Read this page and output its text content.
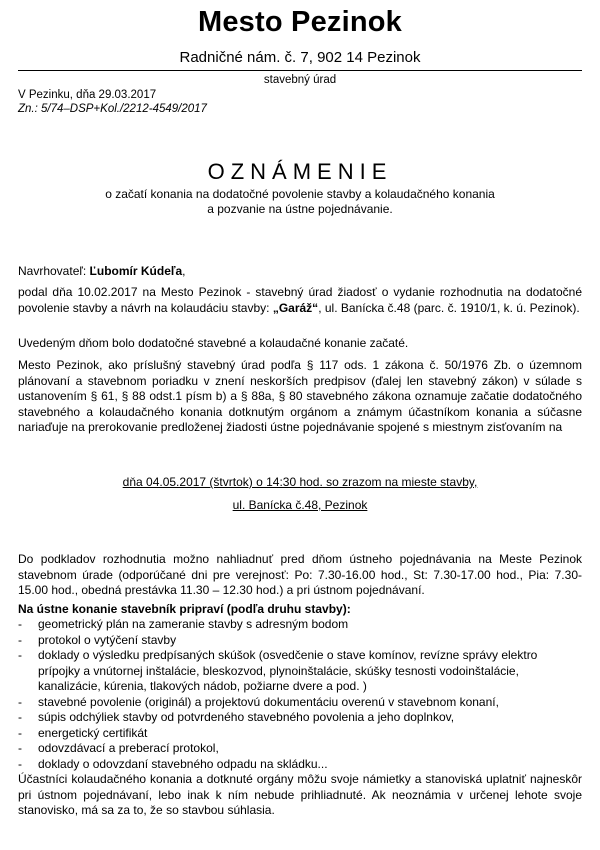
Mesto Pezinok
Radničné nám. č. 7, 902 14 Pezinok
stavebný úrad
V Pezinku, dňa 29.03.2017
Zn.: 5/74–DSP+Kol./2212-4549/2017
OZNÁMENIE
o začatí konania na dodatočné povolenie stavby a kolaudačného konania
a pozvanie na ústne pojednávanie.
Navrhovateľ: Ľubomír Kúdeľa,
podal dňa 10.02.2017 na Mesto Pezinok - stavebný úrad žiadosť o vydanie rozhodnutia na dodatočné povolenie stavby a návrh na kolaudáciu stavby: „Garáž“, ul. Banícka č.48 (parc. č. 1910/1, k. ú. Pezinok).
Uvedeným dňom bolo dodatočné stavebné a kolaudačné konanie začaté.
Mesto Pezinok, ako príslušný stavebný úrad podľa § 117 ods. 1 zákona č. 50/1976 Zb. o územnom plánovaní a stavebnom poriadku v znení neskorších predpisov (ďalej len stavebný zákon) v súlade s ustanovením § 61, § 88 odst.1 písm b) a § 88a, § 80 stavebného zákona oznamuje začatie dodatočného stavebného a kolaudačného konania dotknutým orgánom a známym účastníkom konania a súčasne nariaďuje na prerokovanie predloženej žiadosti ústne pojednávanie spojené s miestnym zisťovaním na
dňa 04.05.2017 (štvrtok) o 14:30 hod. so zrazom na mieste stavby,
ul. Banícka č.48, Pezinok
Do podkladov rozhodnutia možno nahliadnuť pred dňom ústneho pojednávania na Meste Pezinok stavebnom úrade (odporúčané dni pre verejnosť: Po: 7.30-16.00 hod., St: 7.30-17.00 hod., Pia: 7.30-15.00 hod., obedná prestávka 11.30 – 12.30 hod.) a pri ústnom pojednávaní.
Na ústne konanie stavebník pripraví (podľa druhu stavby):
- geometrický plán na zameranie stavby s adresným bodom
- protokol o vytýčení stavby
- doklady o výsledku predpísaných skúšok (osvedčenie o stave komínov, revízne správy elektro prípojky a vnútornej inštalácie, bleskozvod, plynoinštalácie, skúšky tesnosti vodoinštalácie, kanalizácie, kúrenia, tlakových nádob, požiarne dvere a pod. )
- stavebné povolenie (originál) a projektovú dokumentáciu overenú v stavebnom konaní,
- súpis odchýliek stavby od potvrdeného stavebného povolenia a jeho doplnkov,
- energetický certifikát
- odovzdávací a preberací protokol,
- doklady o odovzdaní stavebného odpadu na skládku...
Účastníci kolaudačného konania a dotknuté orgány môžu svoje námietky a stanoviská uplatniť najneskôr pri ústnom pojednávaní, lebo inak k ním nebude prihliadnuté. Ak neoznámia v určenej lehote svoje stanovisko, má sa za to, že so stavbou súhlasia.
